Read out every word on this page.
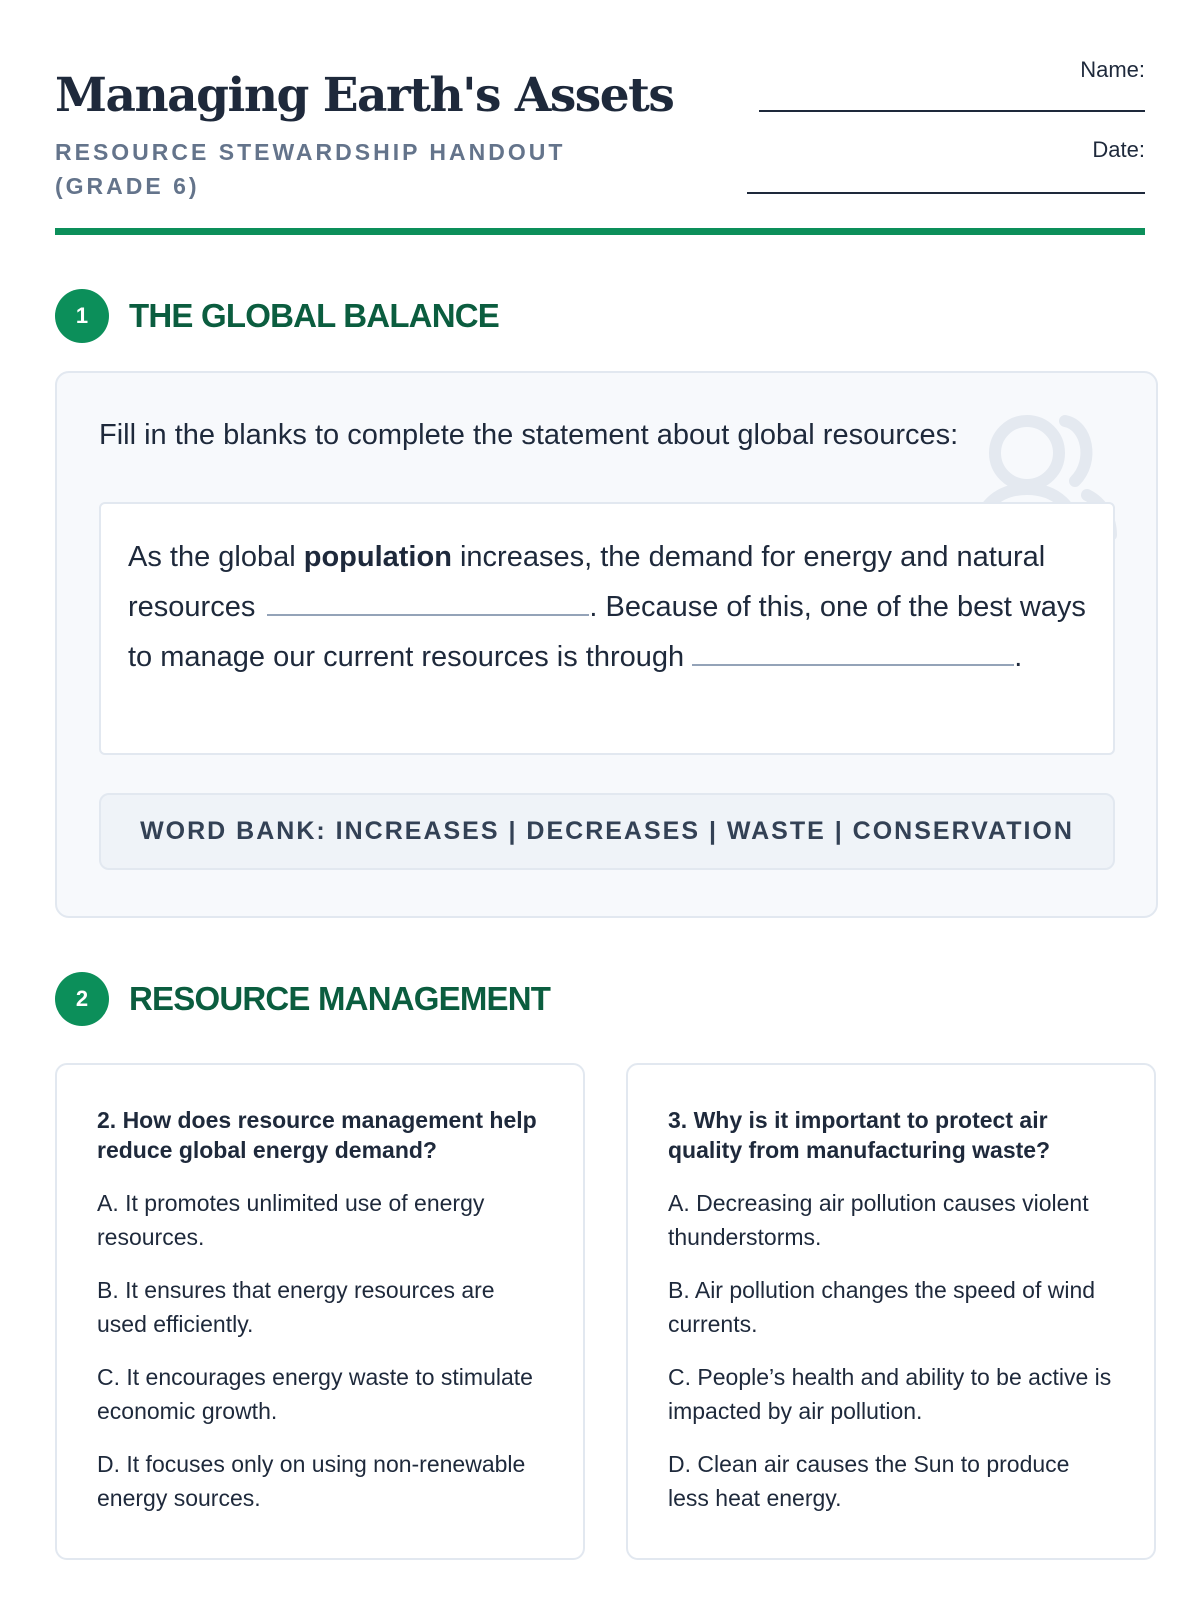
Managing Earth's Assets
RESOURCE STEWARDSHIP HANDOUT (GRADE 6)
Name:
Date:
1	THE GLOBAL BALANCE
Fill in the blanks to complete the statement about global resources:

As the global population increases, the demand for energy and natural resources	. Because of this, one of the best ways to manage our current resources is through	.

WORD BANK: INCREASES | DECREASES | WASTE | CONSERVATION
2	RESOURCE MANAGEMENT
2. How does resource management help reduce global energy demand?
A. It promotes unlimited use of energy resources.
B. It ensures that energy resources are used efficiently.
C. It encourages energy waste to stimulate economic growth.
D. It focuses only on using non-renewable energy sources.
3. Why is it important to protect air quality from manufacturing waste?
A. Decreasing air pollution causes violent thunderstorms.
B. Air pollution changes the speed of wind currents.
C. People’s health and ability to be active is impacted by air pollution.
D. Clean air causes the Sun to produce less heat energy.
